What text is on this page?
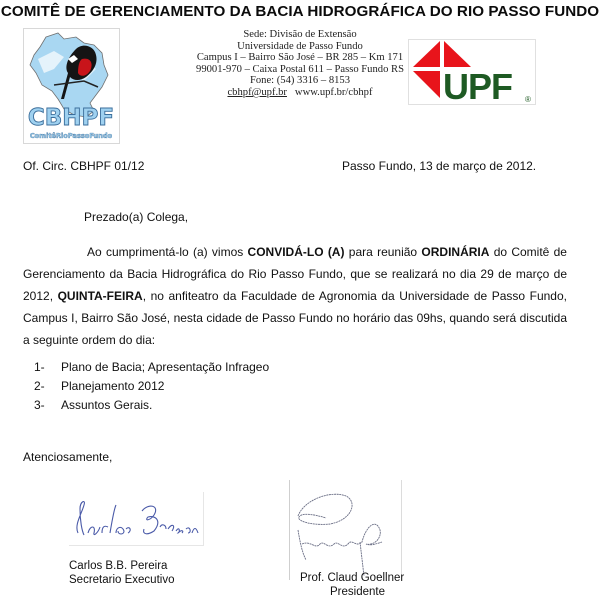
COMITÊ DE GERENCIAMENTO DA BACIA HIDROGRÁFICA DO RIO PASSO FUNDO
CBHPF
ComitêRioPassoFundo
Sede: Divisão de Extensão
Universidade de Passo Fundo
Campus I – Bairro São José – BR 285 – Km 171
99001-970 – Caixa Postal 611 – Passo Fundo RS
Fone: (54) 3316 – 8153
cbhpf@upf.br www.upf.br/cbhpf	UPF ®
Of. Circ. CBHPF 01/12	Passo Fundo, 13 de março de 2012.
Prezado(a) Colega,
Ao cumprimentá-lo (a) vimos CONVIDÁ-LO (A) para reunião ORDINÁRIA do Comitê de Gerenciamento da Bacia Hidrográfica do Rio Passo Fundo, que se realizará no dia 29 de março de 2012, QUINTA-FEIRA, no anfiteatro da Faculdade de Agronomia da Universidade de Passo Fundo, Campus I, Bairro São José, nesta cidade de Passo Fundo no horário das 09hs, quando será discutida a seguinte ordem do dia:
1- Plano de Bacia; Apresentação Infrageo
2- Planejamento 2012
3- Assuntos Gerais.
Atenciosamente,
Carlos B.B. Pereira
Secretario Executivo	Prof. Claud Goellner
Presidente
